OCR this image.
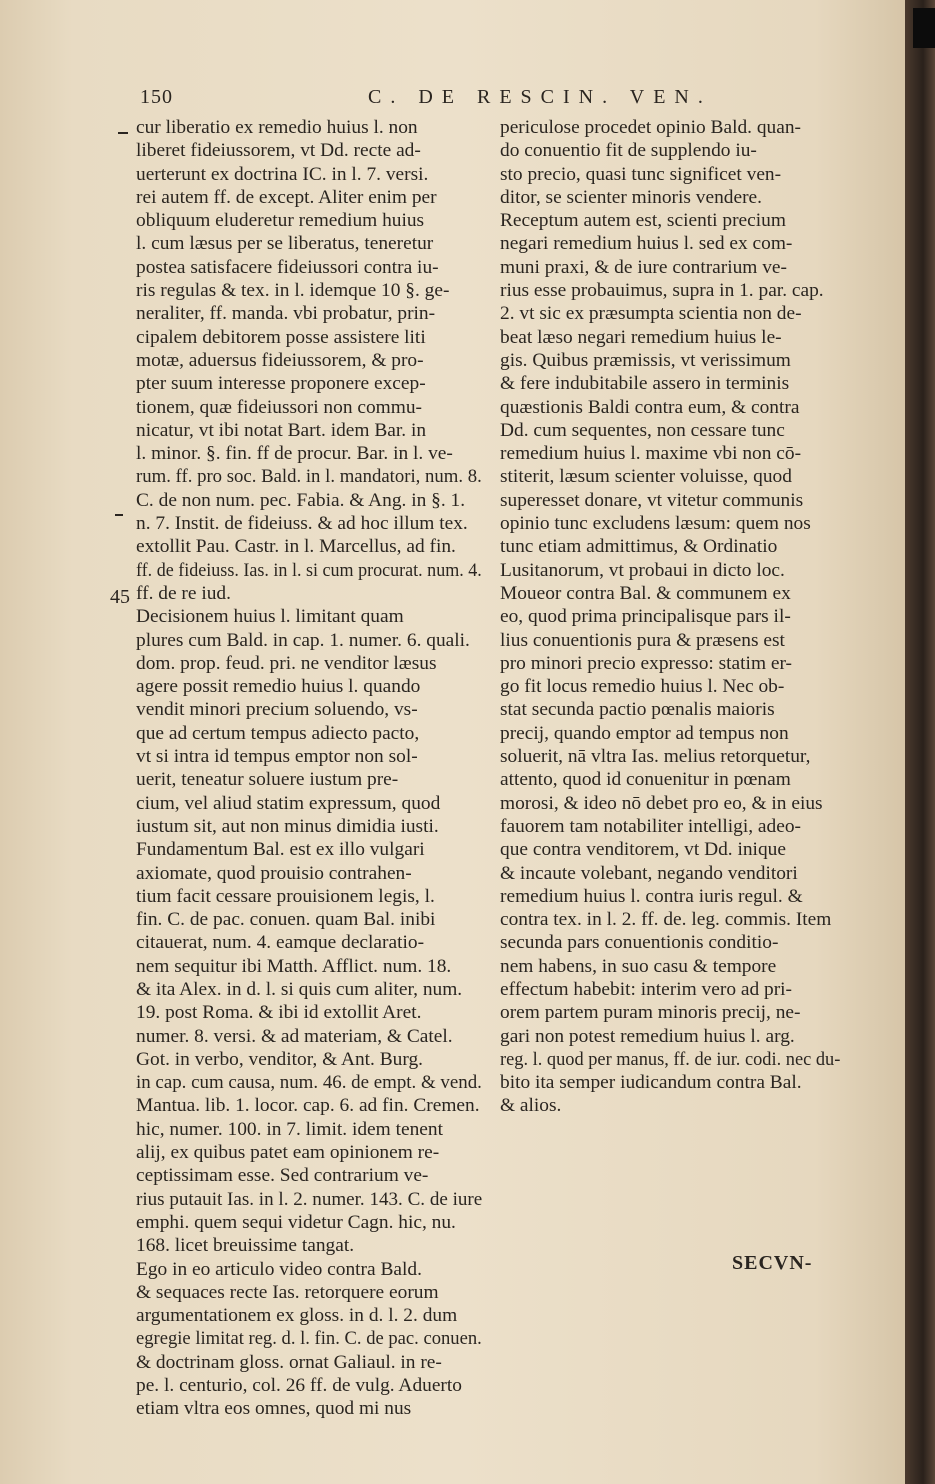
150	C. DE RESCIN. VEN.
cur liberatio ex remedio huius l. non
liberet fideiussorem, vt Dd. recte ad-
uerterunt ex doctrina IC. in l. 7. versi.
rei autem ff. de except. Aliter enim per
obliquum eluderetur remedium huius
l. cum læsus per se liberatus, teneretur
postea satisfacere fideiussori contra iu-
ris regulas & tex. in l. idemque 10 §. ge-
neraliter, ff. manda. vbi probatur, prin-
cipalem debitorem posse assistere liti
motæ, aduersus fideiussorem, & pro-
pter suum interesse proponere excep-
tionem, quæ fideiussori non commu-
nicatur, vt ibi notat Bart. idem Bar. in
l. minor. §. fin. ff de procur. Bar. in l. ve-
rum. ff. pro soc. Bald. in l. mandatori, num. 8.
C. de non num. pec. Fabia. & Ang. in §. 1.
n. 7. Instit. de fideiuss. & ad hoc illum tex.
extollit Pau. Castr. in l. Marcellus, ad fin.
ff. de fideiuss. Ias. in l. si cum procurat. num. 4.
ff. de re iud.
Decisionem huius l. limitant quam
plures cum Bald. in cap. 1. numer. 6. quali.
dom. prop. feud. pri. ne venditor læsus
agere possit remedio huius l. quando
vendit minori precium soluendo, vs-
que ad certum tempus adiecto pacto,
vt si intra id tempus emptor non sol-
uerit, teneatur soluere iustum pre-
cium, vel aliud statim expressum, quod
iustum sit, aut non minus dimidia iusti.
Fundamentum Bal. est ex illo vulgari
axiomate, quod prouisio contrahen-
tium facit cessare prouisionem legis, l.
fin. C. de pac. conuen. quam Bal. inibi
citauerat, num. 4. eamque declaratio-
nem sequitur ibi Matth. Afflict. num. 18.
& ita Alex. in d. l. si quis cum aliter, num.
19. post Roma. & ibi id extollit Aret.
numer. 8. versi. & ad materiam, & Catel.
Got. in verbo, venditor, & Ant. Burg.
in cap. cum causa, num. 46. de empt. & vend.
Mantua. lib. 1. locor. cap. 6. ad fin. Cremen.
hic, numer. 100. in 7. limit. idem tenent
alij, ex quibus patet eam opinionem re-
ceptissimam esse. Sed contrarium ve-
rius putauit Ias. in l. 2. numer. 143. C. de iure
emphi. quem sequi videtur Cagn. hic, nu.
168. licet breuissime tangat.
Ego in eo articulo video contra Bald.
& sequaces recte Ias. retorquere eorum
argumentationem ex gloss. in d. l. 2. dum
egregie limitat reg. d. l. fin. C. de pac. conuen.
& doctrinam gloss. ornat Galiaul. in re-
pe. l. centurio, col. 26 ff. de vulg. Aduerto
etiam vltra eos omnes, quod mi nus
45
periculose procedet opinio Bald. quan-
do conuentio fit de supplendo iu-
sto precio, quasi tunc significet ven-
ditor, se scienter minoris vendere.
Receptum autem est, scienti precium
negari remedium huius l. sed ex com-
muni praxi, & de iure contrarium ve-
rius esse probauimus, supra in 1. par. cap.
2. vt sic ex præsumpta scientia non de-
beat læso negari remedium huius le-
gis. Quibus præmissis, vt verissimum
& fere indubitabile assero in terminis
quæstionis Baldi contra eum, & contra
Dd. cum sequentes, non cessare tunc
remedium huius l. maxime vbi non cō-
stiterit, læsum scienter voluisse, quod
superesset donare, vt vitetur communis
opinio tunc excludens læsum: quem nos
tunc etiam admittimus, & Ordinatio
Lusitanorum, vt probaui in dicto loc.
Moueor contra Bal. & communem ex
eo, quod prima principalisque pars il-
lius conuentionis pura & præsens est
pro minori precio expresso: statim er-
go fit locus remedio huius l. Nec ob-
stat secunda pactio pœnalis maioris
precij, quando emptor ad tempus non
soluerit, nā vltra Ias. melius retorquetur,
attento, quod id conuenitur in pœnam
morosi, & ideo nō debet pro eo, & in eius
fauorem tam notabiliter intelligi, adeo-
que contra venditorem, vt Dd. inique
& incaute volebant, negando venditori
remedium huius l. contra iuris regul. &
contra tex. in l. 2. ff. de. leg. commis. Item
secunda pars conuentionis conditio-
nem habens, in suo casu & tempore
effectum habebit: interim vero ad pri-
orem partem puram minoris precij, ne-
gari non potest remedium huius l. arg.
reg. l. quod per manus, ff. de iur. codi. nec du-
bito ita semper iudicandum contra Bal.
& alios.
SECVN-
